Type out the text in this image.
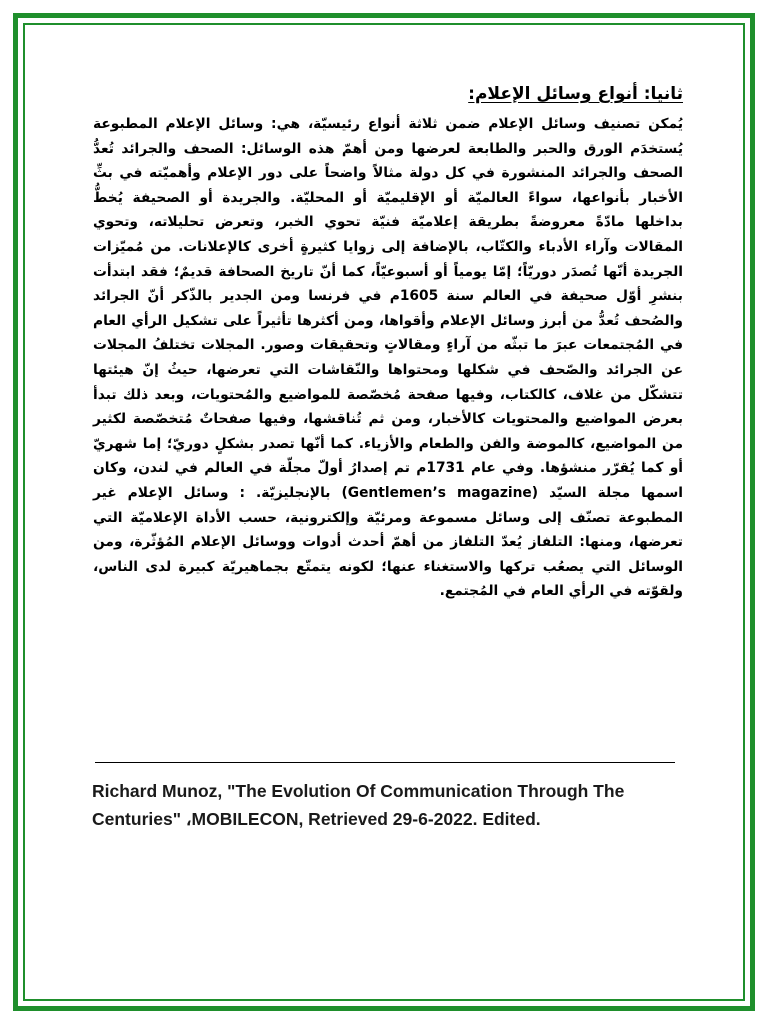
ثانيا: أنواع وسائل الإعلام:

يُمكن تصنيف وسائل الإعلام ضمن ثلاثة أنواع رئيسيّة، هي: وسائل الإعلام المطبوعة يُستخدَم الورق والحبر والطابعة لعرضها ومن أهمّ هذه الوسائل: الصحف والجرائد تُعدُّ الصحف والجرائد المنشورة في كل دولة مثالاً واضحاً على دور الإعلام وأهميّته في بثِّ الأخبار بأنواعها، سواءً العالميّة أو الإقليميّة أو المحليّة. والجريدة أو الصحيفة يُخطُّ بداخلها مادّةً معروضةً بطريقة إعلاميّة فنيّة تحوي الخبر، وتعرض تحليلاته، وتحوي المقالات وآراء الأدباء والكتّاب، بالإضافة إلى زوايا كثيرةٍ أخرى كالإعلانات. من مُميّزات الجريدة أنّها تُصدَر دوريّاً؛ إمّا يومياً أو أسبوعيّاً، كما أنّ تاريخ الصحافة قديمٌ؛ فقد ابتدأت بنشرِ أوّل صحيفة في العالم سنة 1605م في فرنسا ومن الجدير بالذّكر أنّ الجرائد والصُحف تُعدُّ من أبرز وسائل الإعلام وأقواها، ومن أكثرها تأثيراً على تشكيل الرأي العام في المُجتمعات عبرَ ما تبثّه من آراءٍ ومقالاتٍ وتحقيقات وصور. المجلات تختلفُ المجلات عن الجرائد والصّحف في شكلها ومحتواها والنّقاشات التي تعرضها، حيثُ إنّ هيئتها تتشكّل من غلاف، كالكتاب، وفيها صفحة مُخصّصة للمواضيع والمُحتويات، وبعد ذلك تبدأ بعرض المواضيع والمحتويات كالأخبار، ومن ثم تُناقشها، وفيها صفحاتٌ مُتخصّصة لكثير من المواضيع، كالموضة والفن والطعام والأزياء. كما أنّها تصدر بشكلٍ دوريّ؛ إما شهريّ أو كما يُقرّر منشؤها. وفي عام 1731م تم إصدارُ أولّ مجلّة في العالم في لندن، وكان اسمها مجلة السيّد (Gentlemen’s magazine) بالإنجليزيّة. : وسائل الإعلام غير المطبوعة تصنّف إلى وسائل مسموعة ومرئيّة وإلكترونية، حسب الأداة الإعلاميّة التي تعرضها، ومنها: التلفاز يُعدّ التلفاز من أهمّ أحدث أدوات ووسائل الإعلام المُؤثّرة، ومن الوسائل التي يصعُب تركها والاستغناء عنها؛ لكونه يتمتّع بجماهيريّة كبيرة لدى الناس، ولقوّته في الرأي العام في المُجتمع.

Richard Munoz, "The Evolution Of Communication Through The Centuries" ،MOBILECON, Retrieved 29-6-2022. Edited.
